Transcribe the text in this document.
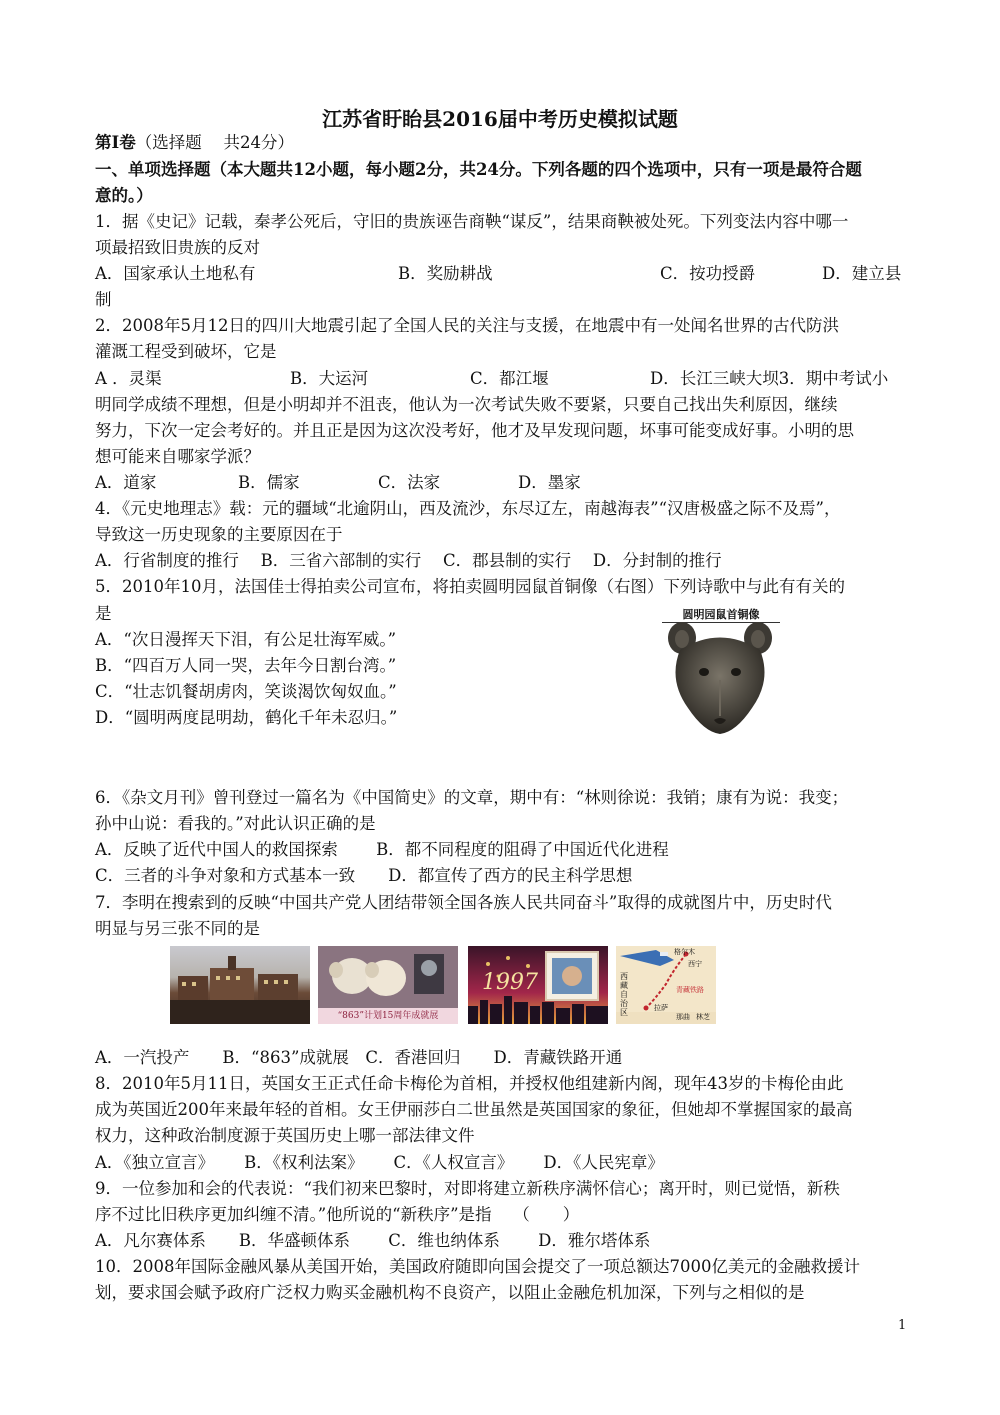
江苏省盱眙县2016届中考历史模拟试题
第Ⅰ卷（选择题　 共24分）
一、单项选择题（本大题共12小题，每小题2分，共24分。下列各题的四个选项中，只有一项是最符合题
意的。）
1．据《史记》记载，秦孝公死后，守旧的贵族诬告商鞅“谋反”，结果商鞅被处死。下列变法内容中哪一
项最招致旧贵族的反对
A．国家承认土地私有	B．奖励耕战	C．按功授爵	D．建立县
制
2．2008年5月12日的四川大地震引起了全国人民的关注与支援，在地震中有一处闻名世界的古代防洪
灌溉工程受到破坏，它是
A ．灵渠	B．大运河	C．都江堰	D．长江三峡大坝3．期中考试小
明同学成绩不理想，但是小明却并不沮丧，他认为一次考试失败不要紧，只要自己找出失利原因，继续
努力，下次一定会考好的。并且正是因为这次没考好，他才及早发现问题，坏事可能变成好事。小明的思
想可能来自哪家学派？
A．道家	B．儒家	C．法家	D．墨家
4．《元史地理志》载：元的疆域“北逾阴山，西及流沙，东尽辽左，南越海表”“汉唐极盛之际不及焉”，
导致这一历史现象的主要原因在于
A．行省制度的推行　 B．三省六部制的实行　 C．郡县制的实行　 D．分封制的推行
5．2010年10月，法国佳士得拍卖公司宣布，将拍卖圆明园鼠首铜像（右图）下列诗歌中与此有有关的
是
A．“次日漫挥天下泪，有公足壮海军威。”
B．“四百万人同一哭，去年今日割台湾。”
C．“壮志饥餐胡虏肉，笑谈渴饮匈奴血。”
D．“圆明两度昆明劫，鹤化千年未忍归。”
圆明园鼠首铜像
6．《杂文月刊》曾刊登过一篇名为《中国简史》的文章，期中有：“林则徐说：我销；康有为说：我变；
孙中山说：看我的。”对此认识正确的是
A．反映了近代中国人的救国探索　　 B．都不同程度的阻碍了中国近代化进程
C．三者的斗争对象和方式基本一致　　D．都宣传了西方的民主科学思想
7．李明在搜索到的反映“中国共产党人团结带领全国各族人民共同奋斗”取得的成就图片中，历史时代
明显与另三张不同的是
“863”计划15周年成就展
1997
格尔木
西宁
拉萨
青藏铁路
西藏自治区	那曲 林芝
A．一汽投产　　B．“863”成就展　C．香港回归　　D．青藏铁路开通
8．2010年5月11日，英国女王正式任命卡梅伦为首相，并授权他组建新内阁，现年43岁的卡梅伦由此
成为英国近200年来最年轻的首相。女王伊丽莎白二世虽然是英国国家的象征，但她却不掌握国家的最高
权力，这种政治制度源于英国历史上哪一部法律文件
A．《独立宣言》　　 B．《权利法案》　　 C．《人权宣言》　　 D．《人民宪章》
9．一位参加和会的代表说：“我们初来巴黎时，对即将建立新秩序满怀信心；离开时，则已觉悟，新秩
序不过比旧秩序更加纠缠不清。”他所说的“新秩序”是指　 （　　）
A．凡尔赛体系　　B．华盛顿体系　　 C．维也纳体系　　 D．雅尔塔体系
10．2008年国际金融风暴从美国开始，美国政府随即向国会提交了一项总额达7000亿美元的金融救援计
划，要求国会赋予政府广泛权力购买金融机构不良资产，以阻止金融危机加深，下列与之相似的是
1
